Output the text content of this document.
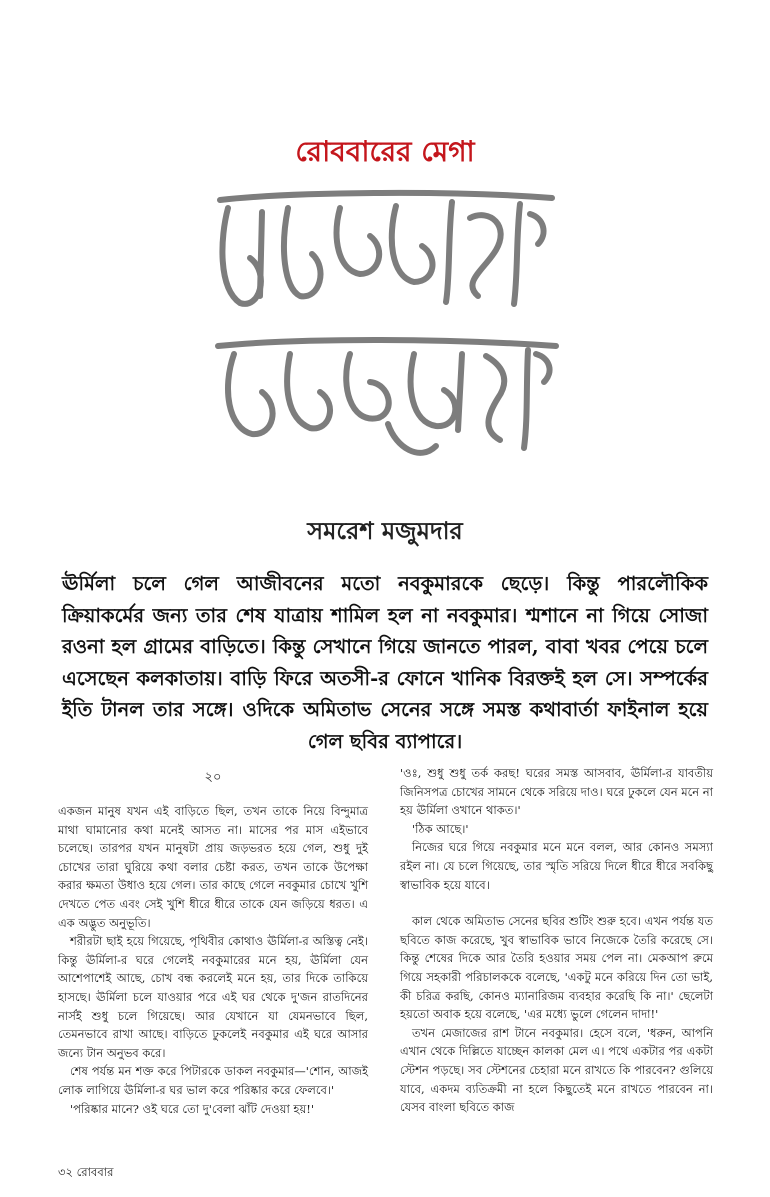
রোববারের মেগা
সমরেশ মজুমদার
ঊর্মিলা চলে গেল আজীবনের মতো নবকুমারকে ছেড়ে। কিন্তু পারলৌকিক ক্রিয়াকর্মের জন্য তার শেষ যাত্রায় শামিল হল না নবকুমার। শ্মশানে না গিয়ে সোজা রওনা হল গ্রামের বাড়িতে। কিন্তু সেখানে গিয়ে জানতে পারল, বাবা খবর পেয়ে চলে এসেছেন কলকাতায়। বাড়ি ফিরে অতসী-র ফোনে খানিক বিরক্তই হল সে। সম্পর্কের ইতি টানল তার সঙ্গে। ওদিকে অমিতাভ সেনের সঙ্গে সমস্ত কথাবার্তা ফাইনাল হয়ে গেল ছবির ব্যাপারে।
২০

একজন মানুষ যখন এই বাড়িতে ছিল, তখন তাকে নিয়ে বিন্দুমাত্র মাথা ঘামানোর কথা মনেই আসত না। মাসের পর মাস এইভাবে চলেছে। তারপর যখন মানুষটা প্রায় জড়ভরত হয়ে গেল, শুধু দুই চোখের তারা ঘুরিয়ে কথা বলার চেষ্টা করত, তখন তাকে উপেক্ষা করার ক্ষমতা উধাও হয়ে গেল। তার কাছে গেলে নবকুমার চোখে খুশি দেখতে পেত এবং সেই খুশি ধীরে ধীরে তাকে যেন জড়িয়ে ধরত। এ এক অদ্ভুত অনুভূতি।

শরীরটা ছাই হয়ে গিয়েছে, পৃথিবীর কোথাও ঊর্মিলা-র অস্তিত্ব নেই। কিন্তু ঊর্মিলা-র ঘরে গেলেই নবকুমারের মনে হয়, ঊর্মিলা যেন আশেপাশেই আছে, চোখ বন্ধ করলেই মনে হয়, তার দিকে তাকিয়ে হাসছে। ঊর্মিলা চলে যাওয়ার পরে এই ঘর থেকে দু'জন রাতদিনের নার্সই শুধু চলে গিয়েছে। আর যেখানে যা যেমনভাবে ছিল, তেমনভাবে রাখা আছে। বাড়িতে ঢুকলেই নবকুমার এই ঘরে আসার জন্যে টান অনুভব করে।

শেষ পর্যন্ত মন শক্ত করে পিটারকে ডাকল নবকুমার—'শোন, আজই লোক লাগিয়ে ঊর্মিলা-র ঘর ভাল করে পরিষ্কার করে ফেলবে।'

'পরিষ্কার মানে? ওই ঘরে তো দু'বেলা ঝাঁট দেওয়া হয়!'

'ওঃ, শুধু শুধু তর্ক করছ! ঘরের সমস্ত আসবাব, ঊর্মিলা-র যাবতীয় জিনিসপত্র চোখের সামনে থেকে সরিয়ে দাও। ঘরে ঢুকলে যেন মনে না হয় ঊর্মিলা ওখানে থাকত।'

'ঠিক আছে।'

নিজের ঘরে গিয়ে নবকুমার মনে মনে বলল, আর কোনও সমস্যা রইল না। যে চলে গিয়েছে, তার স্মৃতি সরিয়ে দিলে ধীরে ধীরে সবকিছু স্বাভাবিক হয়ে যাবে।

কাল থেকে অমিতাভ সেনের ছবির শুটিং শুরু হবে। এখন পর্যন্ত যত ছবিতে কাজ করেছে, খুব স্বাভাবিক ভাবে নিজেকে তৈরি করেছে সে। কিন্তু শেষের দিকে আর তৈরি হওয়ার সময় পেল না। মেকআপ রুমে গিয়ে সহকারী পরিচালককে বলেছে, 'একটু মনে করিয়ে দিন তো ভাই, কী চরিত্র করছি, কোনও ম্যানারিজম ব্যবহার করেছি কি না।' ছেলেটা হয়তো অবাক হয়ে বলেছে, 'এর মধ্যে ভুলে গেলেন দাদা!'

তখন মেজাজের রাশ টানে নবকুমার। হেসে বলে, 'ধরুন, আপনি এখান থেকে দিল্লিতে যাচ্ছেন কালকা মেল এ। পথে একটার পর একটা স্টেশন পড়ছে। সব স্টেশনের চেহারা মনে রাখতে কি পারবেন? গুলিয়ে যাবে, একদম ব্যতিক্রমী না হলে কিছুতেই মনে রাখতে পারবেন না। যেসব বাংলা ছবিতে কাজ

৩২ রোববার
